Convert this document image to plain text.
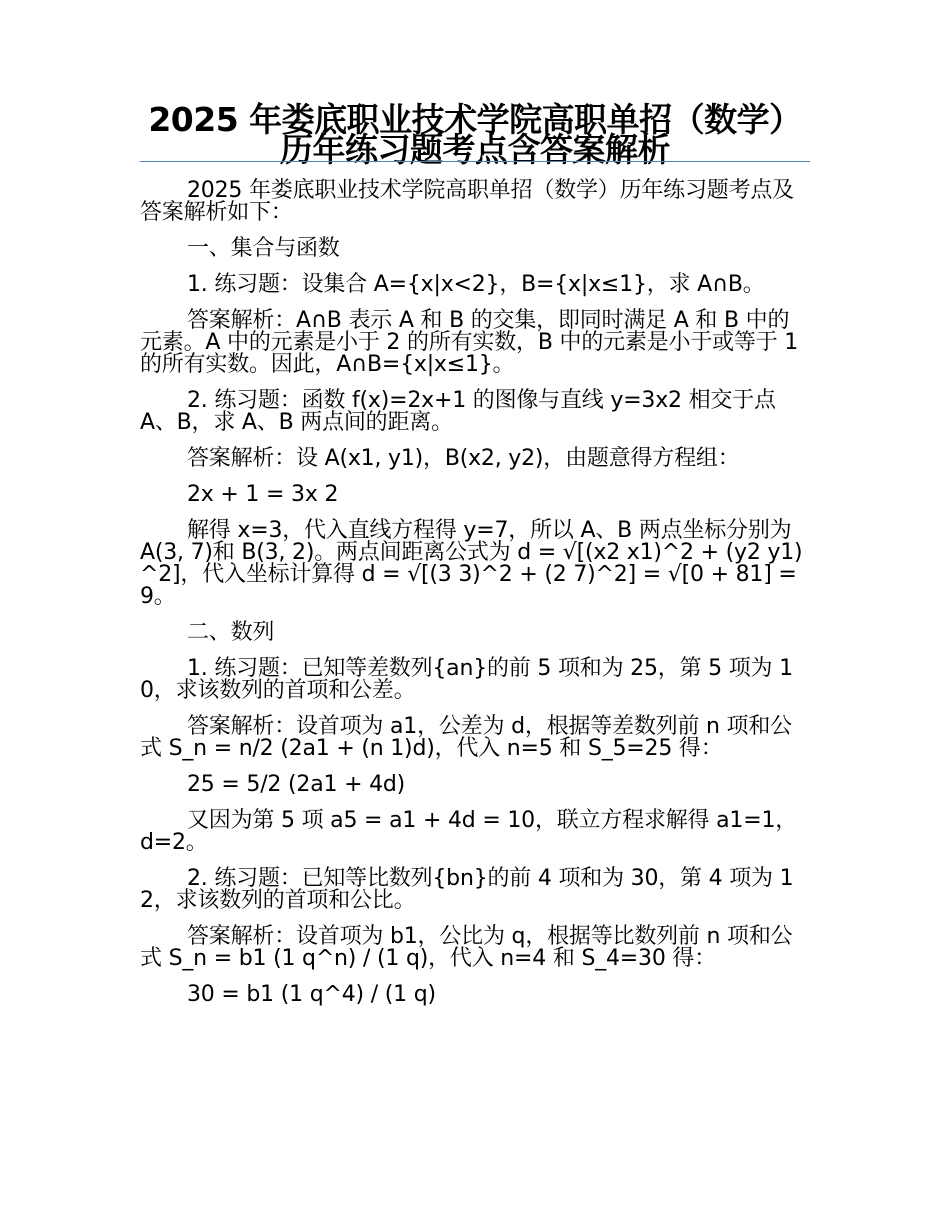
2025 年娄底职业技术学院高职单招（数学）历年练习题考点含答案解析

2025 年娄底职业技术学院高职单招（数学）历年练习题考点及答案解析如下：

一、集合与函数

1. 练习题：设集合 A={x|x<2}，B={x|x≤1}，求 A∩B。

答案解析：A∩B 表示 A 和 B 的交集，即同时满足 A 和 B 中的元素。A 中的元素是小于 2 的所有实数，B 中的元素是小于或等于 1 的所有实数。因此，A∩B={x|x≤1}。

2. 练习题：函数 f(x)=2x+1 的图像与直线 y=3x2 相交于点 A、B，求 A、B 两点间的距离。

答案解析：设 A(x1, y1)，B(x2, y2)，由题意得方程组：

2x + 1 = 3x 2

解得 x=3，代入直线方程得 y=7，所以 A、B 两点坐标分别为 A(3, 7)和 B(3, 2)。两点间距离公式为 d = √[(x2 x1)^2 + (y2 y1)^2]，代入坐标计算得 d = √[(3 3)^2 + (2 7)^2] = √[0 + 81] = 9。

二、数列

1. 练习题：已知等差数列{an}的前 5 项和为 25，第 5 项为 10，求该数列的首项和公差。

答案解析：设首项为 a1，公差为 d，根据等差数列前 n 项和公式 S_n = n/2 (2a1 + (n 1)d)，代入 n=5 和 S_5=25 得：

25 = 5/2 (2a1 + 4d)

又因为第 5 项 a5 = a1 + 4d = 10，联立方程求解得 a1=1，d=2。

2. 练习题：已知等比数列{bn}的前 4 项和为 30，第 4 项为 12，求该数列的首项和公比。

答案解析：设首项为 b1，公比为 q，根据等比数列前 n 项和公式 S_n = b1 (1 q^n) / (1 q)，代入 n=4 和 S_4=30 得：

30 = b1 (1 q^4) / (1 q)
